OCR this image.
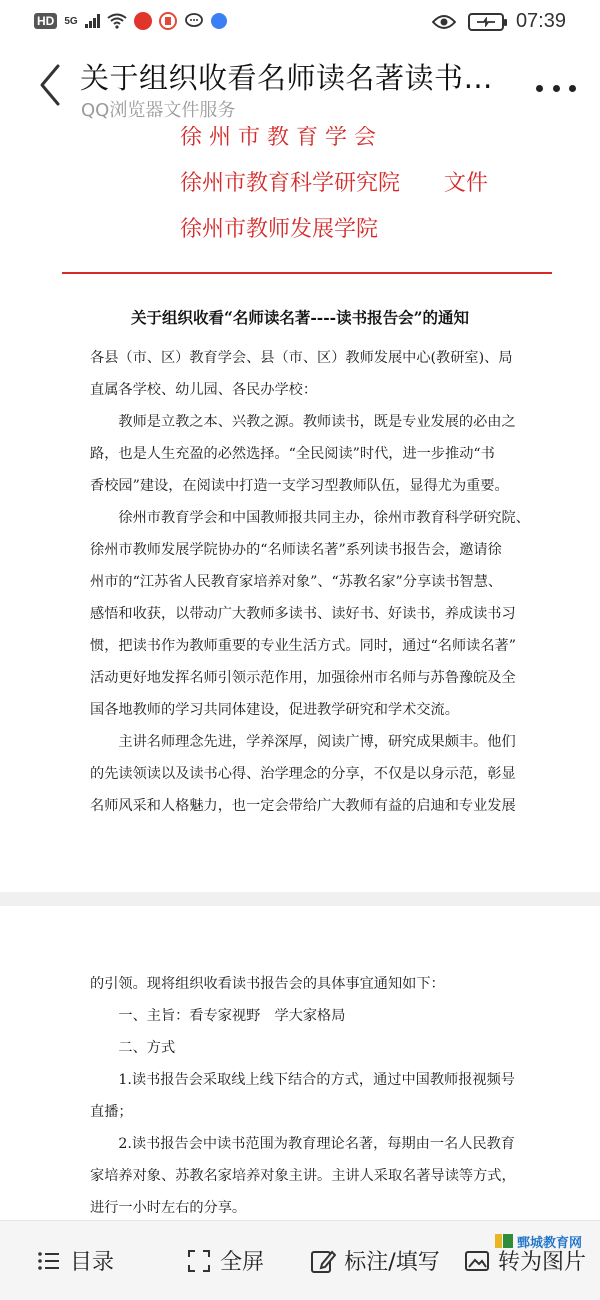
HD	5G	07:39
关于组织收看名师读名著读书…
QQ浏览器文件服务
徐 州 市 教 育 学 会
徐州市教育科学研究院 文件
徐州市教师发展学院
关于组织收看“名师读名著----读书报告会”的通知
各县（市、区）教育学会、县（市、区）教师发展中心(教研室)、局
直属各学校、幼儿园、各民办学校：
　　教师是立教之本、兴教之源。教师读书，既是专业发展的必由之
路，也是人生充盈的必然选择。“全民阅读”时代，进一步推动“书
香校园”建设，在阅读中打造一支学习型教师队伍，显得尤为重要。
　　徐州市教育学会和中国教师报共同主办，徐州市教育科学研究院、
徐州市教师发展学院协办的“名师读名著”系列读书报告会，邀请徐
州市的“江苏省人民教育家培养对象”、“苏教名家”分享读书智慧、
感悟和收获，以带动广大教师多读书、读好书、好读书，养成读书习
惯，把读书作为教师重要的专业生活方式。同时，通过“名师读名著”
活动更好地发挥名师引领示范作用，加强徐州市名师与苏鲁豫皖及全
国各地教师的学习共同体建设，促进教学研究和学术交流。
　　主讲名师理念先进，学养深厚，阅读广博，研究成果颇丰。他们
的先读领读以及读书心得、治学理念的分享，不仅是以身示范，彰显
名师风采和人格魅力，也一定会带给广大教师有益的启迪和专业发展
的引领。现将组织收看读书报告会的具体事宜通知如下：
　　一、主旨：看专家视野　学大家格局
　　二、方式
　　1.读书报告会采取线上线下结合的方式，通过中国教师报视频号
直播；
　　2.读书报告会中读书范围为教育理论名著，每期由一名人民教育
家培养对象、苏教名家培养对象主讲。主讲人采取名著导读等方式，
进行一小时左右的分享。
目录	全屏	标注/填写	转为图片
鄄城教育网
